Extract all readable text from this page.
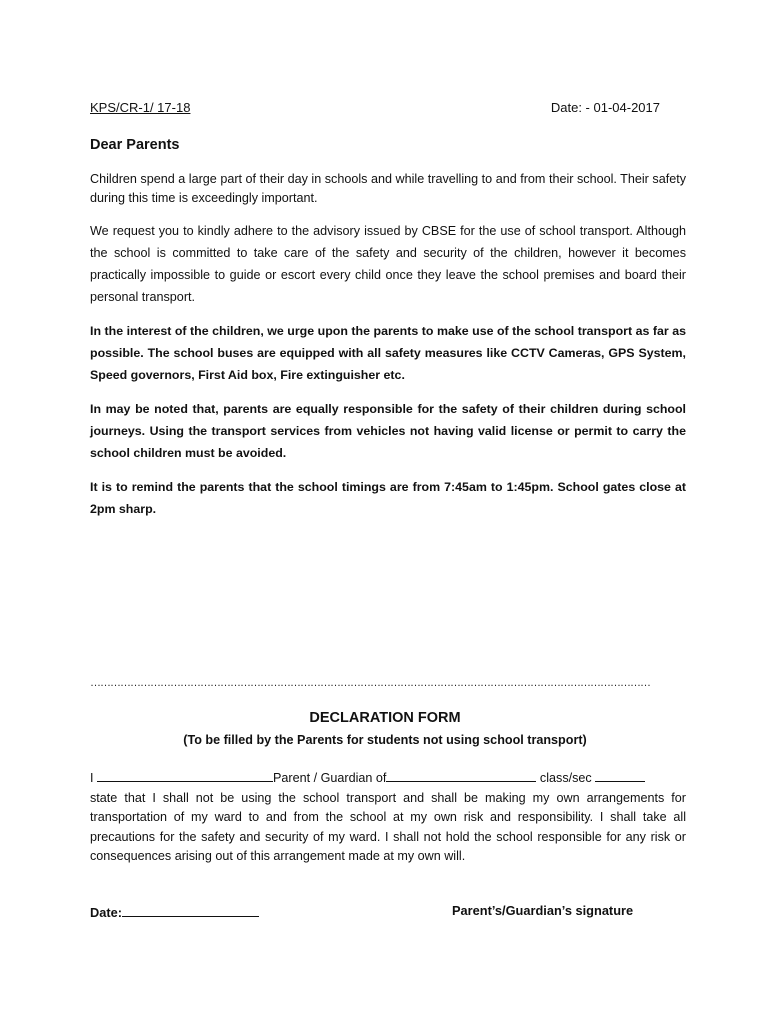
KPS/CR-1/ 17-18	Date: - 01-04-2017
Dear Parents

Children spend a large part of their day in schools and while travelling to and from their school. Their safety during this time is exceedingly important.

We request you to kindly adhere to the advisory issued by CBSE for the use of school transport. Although the school is committed to take care of the safety and security of the children, however it becomes practically impossible to guide or escort every child once they leave the school premises and board their personal transport.

In the interest of the children, we urge upon the parents to make use of the school transport as far as possible. The school buses are equipped with all safety measures like CCTV Cameras, GPS System, Speed governors, First Aid box, Fire extinguisher etc.

In may be noted that, parents are equally responsible for the safety of their children during school journeys. Using the transport services from vehicles not having valid license or permit to carry the school children must be avoided.

It is to remind the parents that the school timings are from 7:45am to 1:45pm. School gates close at 2pm sharp.

……………………………………………………………………………………………………………………………………………………
DECLARATION FORM
(To be filled by the Parents for students not using school transport)
I	Parent / Guardian of	class/sec
state that I shall not be using the school transport and shall be making my own arrangements for transportation of my ward to and from the school at my own risk and responsibility. I shall take all precautions for the safety and security of my ward. I shall not hold the school responsible for any risk or consequences arising out of this arrangement made at my own will.
Date:	Parent’s/Guardian’s signature
